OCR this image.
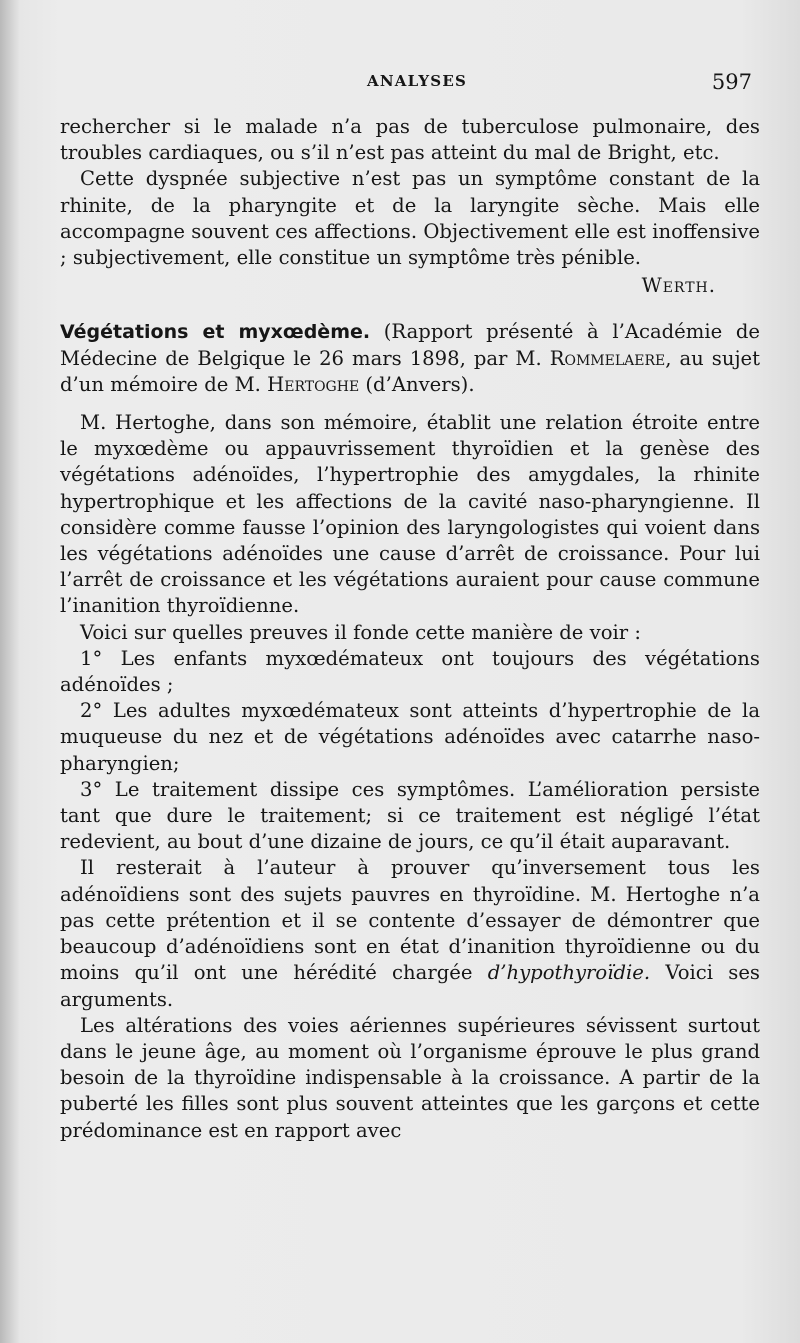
ANALYSES	597

rechercher si le malade n’a pas de tuberculose pulmonaire, des troubles cardiaques, ou s’il n’est pas atteint du mal de Bright, etc.

Cette dyspnée subjective n’est pas un symptôme constant de la rhinite, de la pharyngite et de la laryngite sèche. Mais elle accompagne souvent ces affections. Objectivement elle est inoffensive ; subjectivement, elle constitue un symptôme très pénible.

Werth.

Végétations et myxœdème. (Rapport présenté à l’Académie de Médecine de Belgique le 26 mars 1898, par M. Rommelaere, au sujet d’un mémoire de M. Hertoghe (d’Anvers).

M. Hertoghe, dans son mémoire, établit une relation étroite entre le myxœdème ou appauvrissement thyroïdien et la genèse des végétations adénoïdes, l’hypertrophie des amygdales, la rhinite hypertrophique et les affections de la cavité naso-pharyngienne. Il considère comme fausse l’opinion des laryngologistes qui voient dans les végétations adénoïdes une cause d’arrêt de croissance. Pour lui l’arrêt de croissance et les végétations auraient pour cause commune l’inanition thyroïdienne.

Voici sur quelles preuves il fonde cette manière de voir :

1° Les enfants myxœdémateux ont toujours des végétations adénoïdes ;

2° Les adultes myxœdémateux sont atteints d’hypertrophie de la muqueuse du nez et de végétations adénoïdes avec catarrhe naso-pharyngien;

3° Le traitement dissipe ces symptômes. L’amélioration persiste tant que dure le traitement; si ce traitement est négligé l’état redevient, au bout d’une dizaine de jours, ce qu’il était auparavant.

Il resterait à l’auteur à prouver qu’inversement tous les adénoïdiens sont des sujets pauvres en thyroïdine. M. Hertoghe n’a pas cette prétention et il se contente d’essayer de démontrer que beaucoup d’adénoïdiens sont en état d’inanition thyroïdienne ou du moins qu’il ont une hérédité chargée d’hypothyroïdie. Voici ses arguments.

Les altérations des voies aériennes supérieures sévissent surtout dans le jeune âge, au moment où l’organisme éprouve le plus grand besoin de la thyroïdine indispensable à la croissance. A partir de la puberté les filles sont plus souvent atteintes que les garçons et cette prédominance est en rapport avec
